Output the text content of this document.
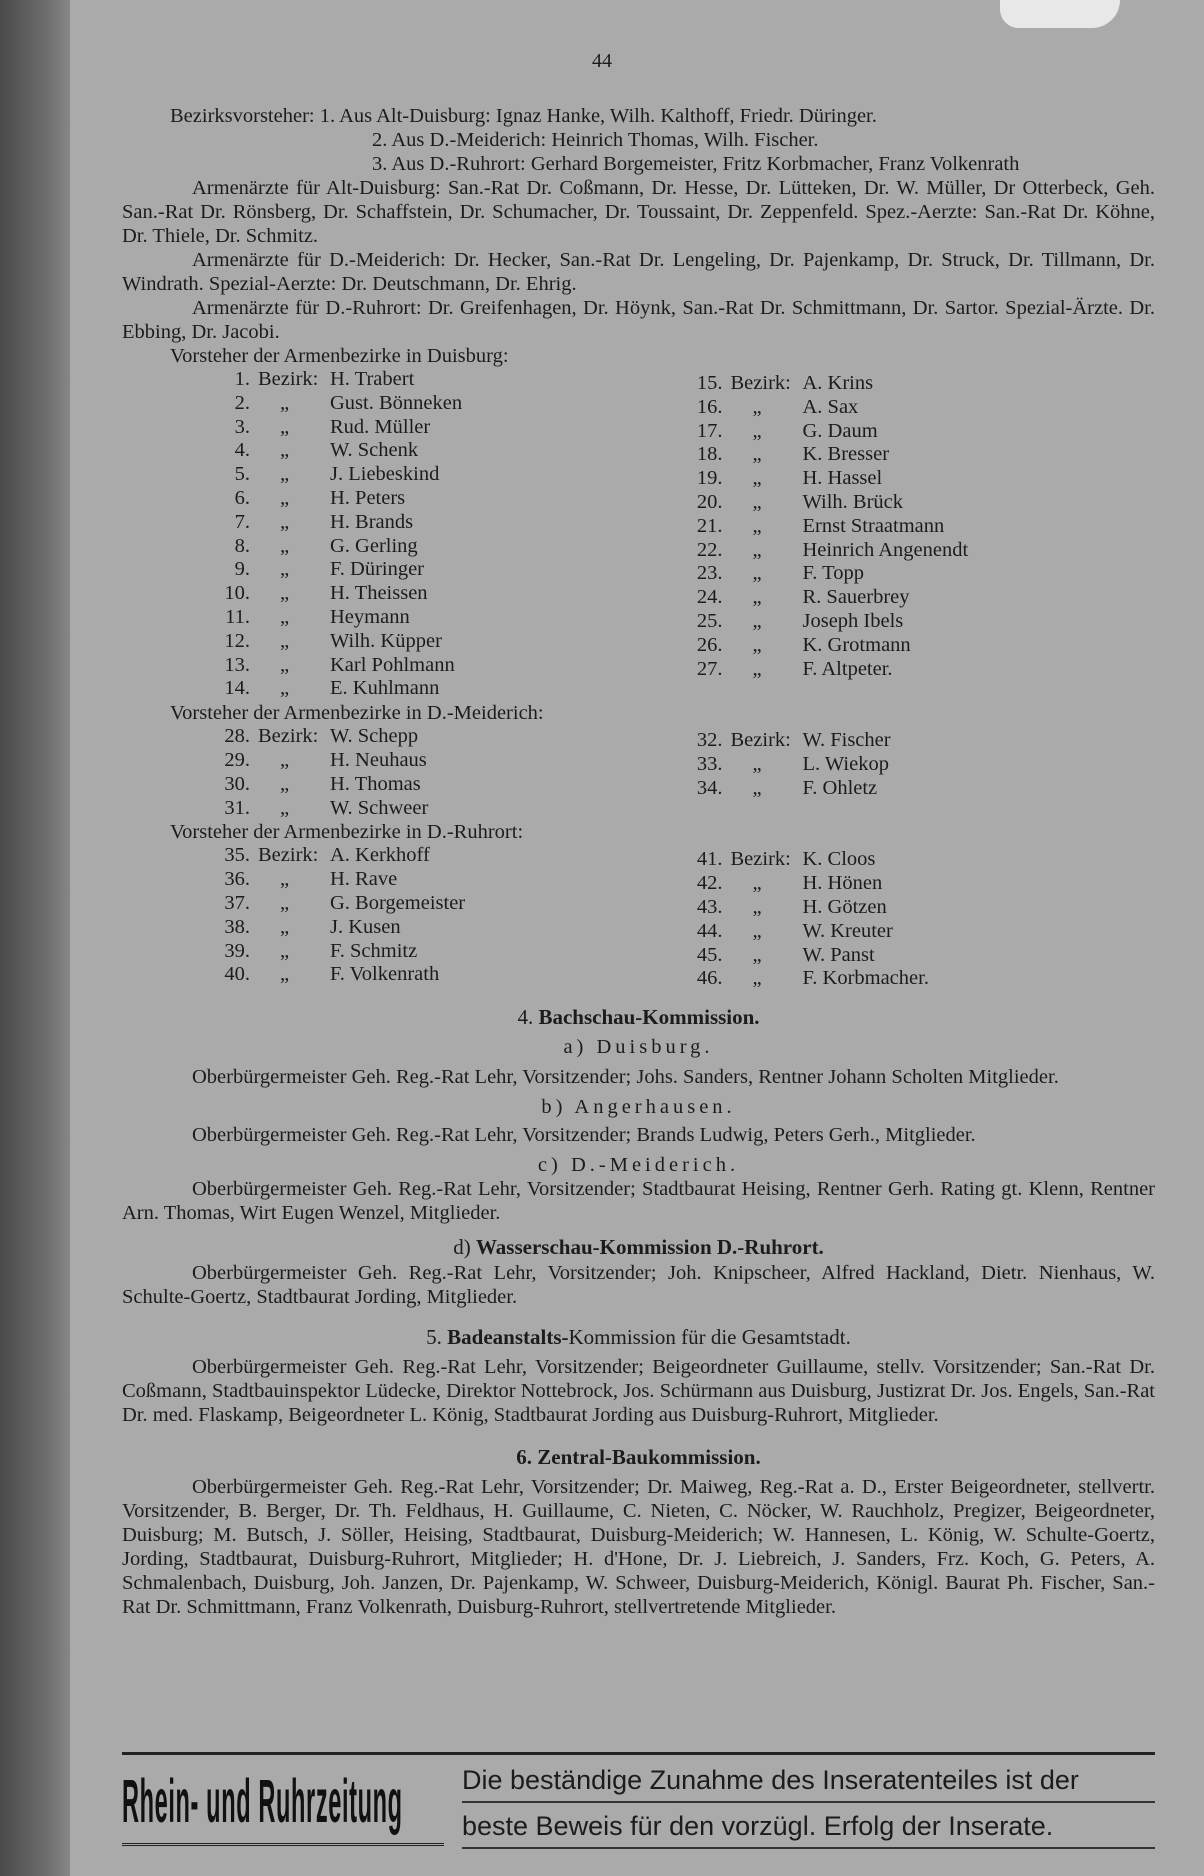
44

Bezirksvorsteher: 1. Aus Alt-Duisburg: Ignaz Hanke, Wilh. Kalthoff, Friedr. Düringer.

2. Aus D.-Meiderich: Heinrich Thomas, Wilh. Fischer.

3. Aus D.-Ruhrort: Gerhard Borgemeister, Fritz Korbmacher, Franz Volkenrath

Armenärzte für Alt-Duisburg: San.-Rat Dr. Coßmann, Dr. Hesse, Dr. Lütteken, Dr. W. Müller, Dr Otterbeck, Geh. San.-Rat Dr. Rönsberg, Dr. Schaffstein, Dr. Schumacher, Dr. Toussaint, Dr. Zeppenfeld. Spez.-Aerzte: San.-Rat Dr. Köhne, Dr. Thiele, Dr. Schmitz.

Armenärzte für D.-Meiderich: Dr. Hecker, San.-Rat Dr. Lengeling, Dr. Pajenkamp, Dr. Struck, Dr. Tillmann, Dr. Windrath. Spezial-Aerzte: Dr. Deutschmann, Dr. Ehrig.

Armenärzte für D.-Ruhrort: Dr. Greifenhagen, Dr. Höynk, San.-Rat Dr. Schmittmann, Dr. Sartor. Spezial-Ärzte. Dr. Ebbing, Dr. Jacobi.

Vorsteher der Armenbezirke in Duisburg:

1. Bezirk: H. Trabert
2.	„	Gust. Bönneken
3.	„	Rud. Müller
4.	„	W. Schenk
5.	„	J. Liebeskind
6.	„	H. Peters
7.	„	H. Brands
8.	„	G. Gerling
9.	„	F. Düringer
10.	„	H. Theissen
11.	„	Heymann
12.	„	Wilh. Küpper
13.	„	Karl Pohlmann
14.	„	E. Kuhlmann
15. Bezirk: A. Krins
16.	„	A. Sax
17.	„	G. Daum
18.	„	K. Bresser
19.	„	H. Hassel
20.	„	Wilh. Brück
21.	„	Ernst Straatmann
22.	„	Heinrich Angenendt
23.	„	F. Topp
24.	„	R. Sauerbrey
25.	„	Joseph Ibels
26.	„	K. Grotmann
27.	„	F. Altpeter.

Vorsteher der Armenbezirke in D.-Meiderich:

28. Bezirk: W. Schepp
29.	„	H. Neuhaus
30.	„	H. Thomas
31.	„	W. Schweer
32. Bezirk: W. Fischer
33.	„	L. Wiekop
34.	„	F. Ohletz

Vorsteher der Armenbezirke in D.-Ruhrort:

35. Bezirk: A. Kerkhoff
36.	„	H. Rave
37.	„	G. Borgemeister
38.	„	J. Kusen
39.	„	F. Schmitz
40.	„	F. Volkenrath
41. Bezirk: K. Cloos
42.	„	H. Hönen
43.	„	H. Götzen
44.	„	W. Kreuter
45.	„	W. Panst
46.	„	F. Korbmacher.

4. Bachschau-Kommission.

a) Duisburg.

Oberbürgermeister Geh. Reg.-Rat Lehr, Vorsitzender; Johs. Sanders, Rentner Johann Scholten Mitglieder.

b) Angerhausen.

Oberbürgermeister Geh. Reg.-Rat Lehr, Vorsitzender; Brands Ludwig, Peters Gerh., Mitglieder.

c) D.-Meiderich.

Oberbürgermeister Geh. Reg.-Rat Lehr, Vorsitzender; Stadtbaurat Heising, Rentner Gerh. Rating gt. Klenn, Rentner Arn. Thomas, Wirt Eugen Wenzel, Mitglieder.

d) Wasserschau-Kommission D.-Ruhrort.

Oberbürgermeister Geh. Reg.-Rat Lehr, Vorsitzender; Joh. Knipscheer, Alfred Hackland, Dietr. Nienhaus, W. Schulte-Goertz, Stadtbaurat Jording, Mitglieder.

5. Badeanstalts-Kommission für die Gesamtstadt.

Oberbürgermeister Geh. Reg.-Rat Lehr, Vorsitzender; Beigeordneter Guillaume, stellv. Vorsitzender; San.-Rat Dr. Coßmann, Stadtbauinspektor Lüdecke, Direktor Nottebrock, Jos. Schürmann aus Duisburg, Justizrat Dr. Jos. Engels, San.-Rat Dr. med. Flaskamp, Beigeordneter L. König, Stadtbaurat Jording aus Duisburg-Ruhrort, Mitglieder.

6. Zentral-Baukommission.

Oberbürgermeister Geh. Reg.-Rat Lehr, Vorsitzender; Dr. Maiweg, Reg.-Rat a. D., Erster Beigeordneter, stellvertr. Vorsitzender, B. Berger, Dr. Th. Feldhaus, H. Guillaume, C. Nieten, C. Nöcker, W. Rauchholz, Pregizer, Beigeordneter, Duisburg; M. Butsch, J. Söller, Heising, Stadtbaurat, Duisburg-Meiderich; W. Hannesen, L. König, W. Schulte-Goertz, Jording, Stadtbaurat, Duisburg-Ruhrort, Mitglieder; H. d'Hone, Dr. J. Liebreich, J. Sanders, Frz. Koch, G. Peters, A. Schmalenbach, Duisburg, Joh. Janzen, Dr. Pajenkamp, W. Schweer, Duisburg-Meiderich, Königl. Baurat Ph. Fischer, San.-Rat Dr. Schmittmann, Franz Volkenrath, Duisburg-Ruhrort, stellvertretende Mitglieder.

Rhein- und Ruhrzeitung Die beständige Zunahme des Inseratenteiles ist der
beste Beweis für den vorzügl. Erfolg der Inserate.
